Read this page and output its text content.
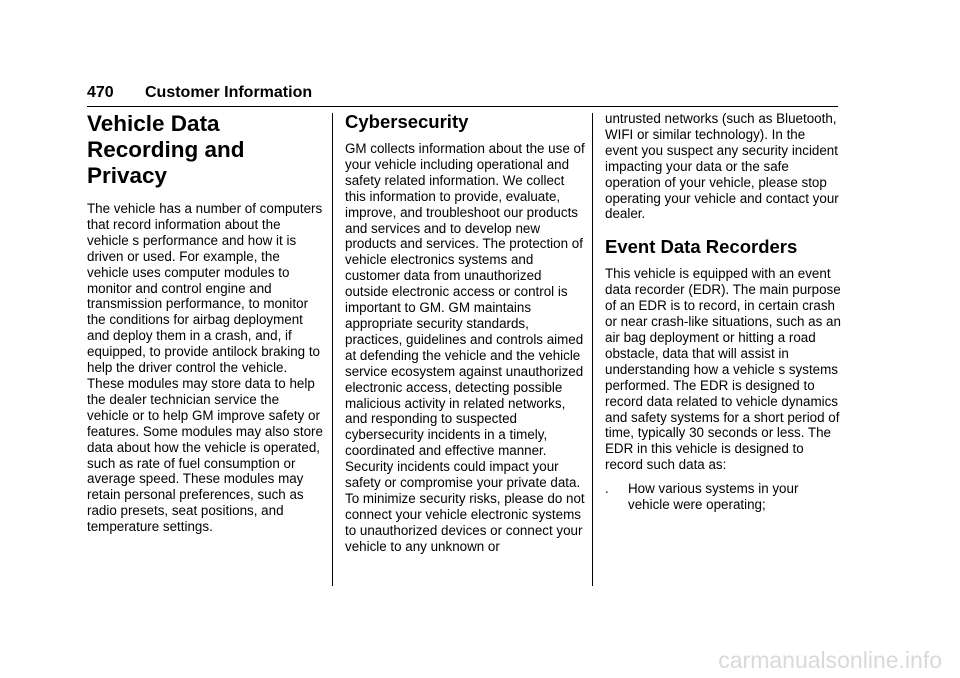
470 Customer Information
Vehicle Data
Recording and
Privacy

The vehicle has a number of computers that record information about the vehicle s performance and how it is driven or used. For example, the vehicle uses computer modules to monitor and control engine and transmission performance, to monitor the conditions for airbag deployment and deploy them in a crash, and, if equipped, to provide antilock braking to help the driver control the vehicle. These modules may store data to help the dealer technician service the vehicle or to help GM improve safety or features. Some modules may also store data about how the vehicle is operated, such as rate of fuel consumption or average speed. These modules may retain personal preferences, such as radio presets, seat positions, and temperature settings.

Cybersecurity

GM collects information about the use of your vehicle including operational and safety related information. We collect this information to provide, evaluate, improve, and troubleshoot our products and services and to develop new products and services. The protection of vehicle electronics systems and customer data from unauthorized outside electronic access or control is important to GM. GM maintains appropriate security standards, practices, guidelines and controls aimed at defending the vehicle and the vehicle service ecosystem against unauthorized electronic access, detecting possible malicious activity in related networks, and responding to suspected cybersecurity incidents in a timely, coordinated and effective manner. Security incidents could impact your safety or compromise your private data. To minimize security risks, please do not connect your vehicle electronic systems to unauthorized devices or connect your vehicle to any unknown or

untrusted networks (such as Bluetooth, WIFI or similar technology). In the event you suspect any security incident impacting your data or the safe operation of your vehicle, please stop operating your vehicle and contact your dealer.

Event Data Recorders

This vehicle is equipped with an event data recorder (EDR). The main purpose of an EDR is to record, in certain crash or near crash-like situations, such as an air bag deployment or hitting a road obstacle, data that will assist in understanding how a vehicle s systems performed. The EDR is designed to record data related to vehicle dynamics and safety systems for a short period of time, typically 30 seconds or less. The EDR in this vehicle is designed to record such data as:

.	How various systems in your vehicle were operating;
carmanualsonline.info
